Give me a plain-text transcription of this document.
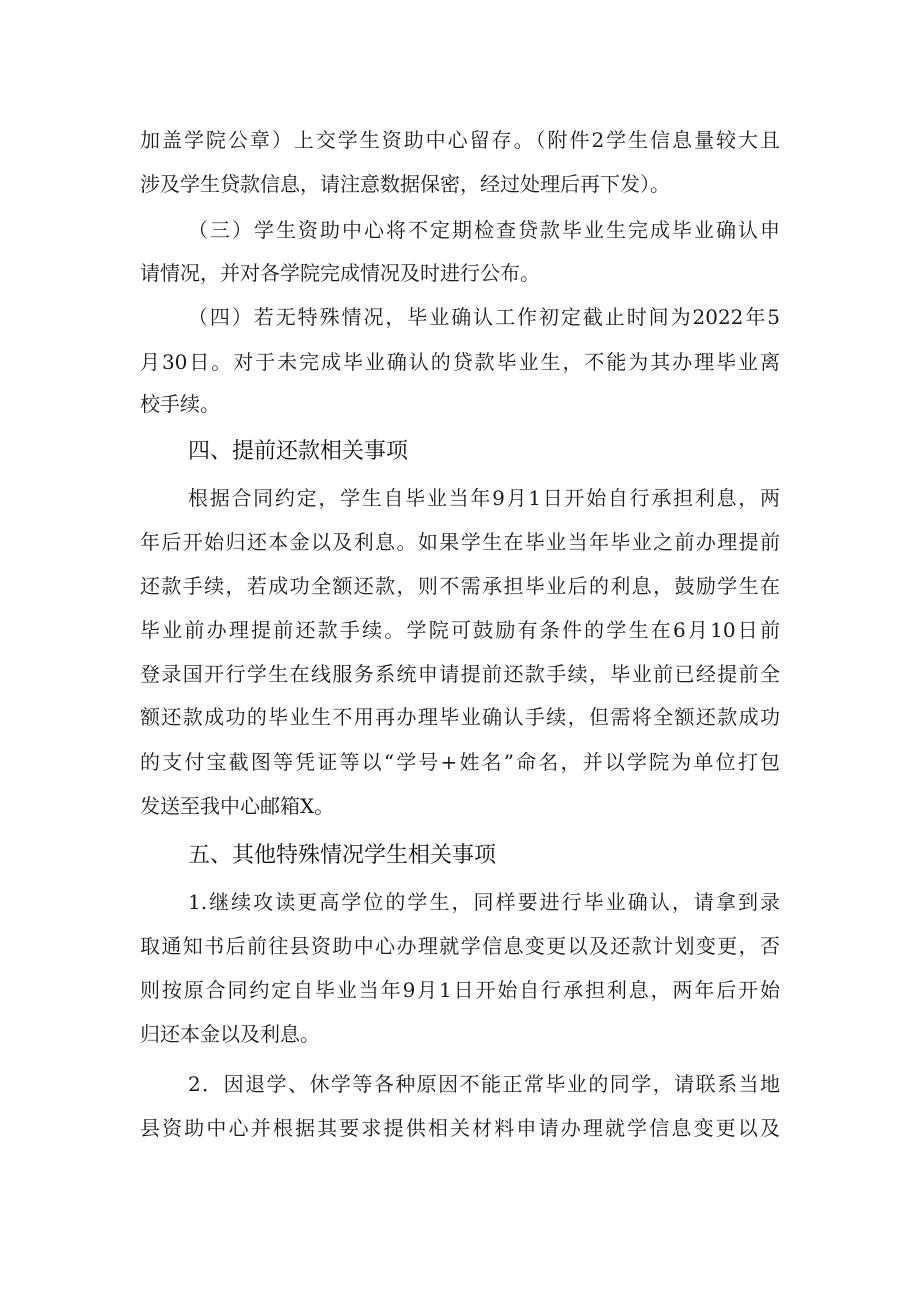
加盖学院公章）上交学生资助中心留存。（附件2学生信息量较大且
涉及学生贷款信息，请注意数据保密，经过处理后再下发）。
（三）学生资助中心将不定期检查贷款毕业生完成毕业确认申
请情况，并对各学院完成情况及时进行公布。
（四）若无特殊情况，毕业确认工作初定截止时间为2022年5
月30日。对于未完成毕业确认的贷款毕业生，不能为其办理毕业离
校手续。
四、提前还款相关事项
根据合同约定，学生自毕业当年9月1日开始自行承担利息，两
年后开始归还本金以及利息。如果学生在毕业当年毕业之前办理提前
还款手续，若成功全额还款，则不需承担毕业后的利息，鼓励学生在
毕业前办理提前还款手续。学院可鼓励有条件的学生在6月10日前
登录国开行学生在线服务系统申请提前还款手续，毕业前已经提前全
额还款成功的毕业生不用再办理毕业确认手续，但需将全额还款成功
的支付宝截图等凭证等以“学号+姓名”命名，并以学院为单位打包
发送至我中心邮箱X。
五、其他特殊情况学生相关事项
1.继续攻读更高学位的学生，同样要进行毕业确认，请拿到录
取通知书后前往县资助中心办理就学信息变更以及还款计划变更，否
则按原合同约定自毕业当年9月1日开始自行承担利息，两年后开始
归还本金以及利息。
2．因退学、休学等各种原因不能正常毕业的同学，请联系当地
县资助中心并根据其要求提供相关材料申请办理就学信息变更以及
